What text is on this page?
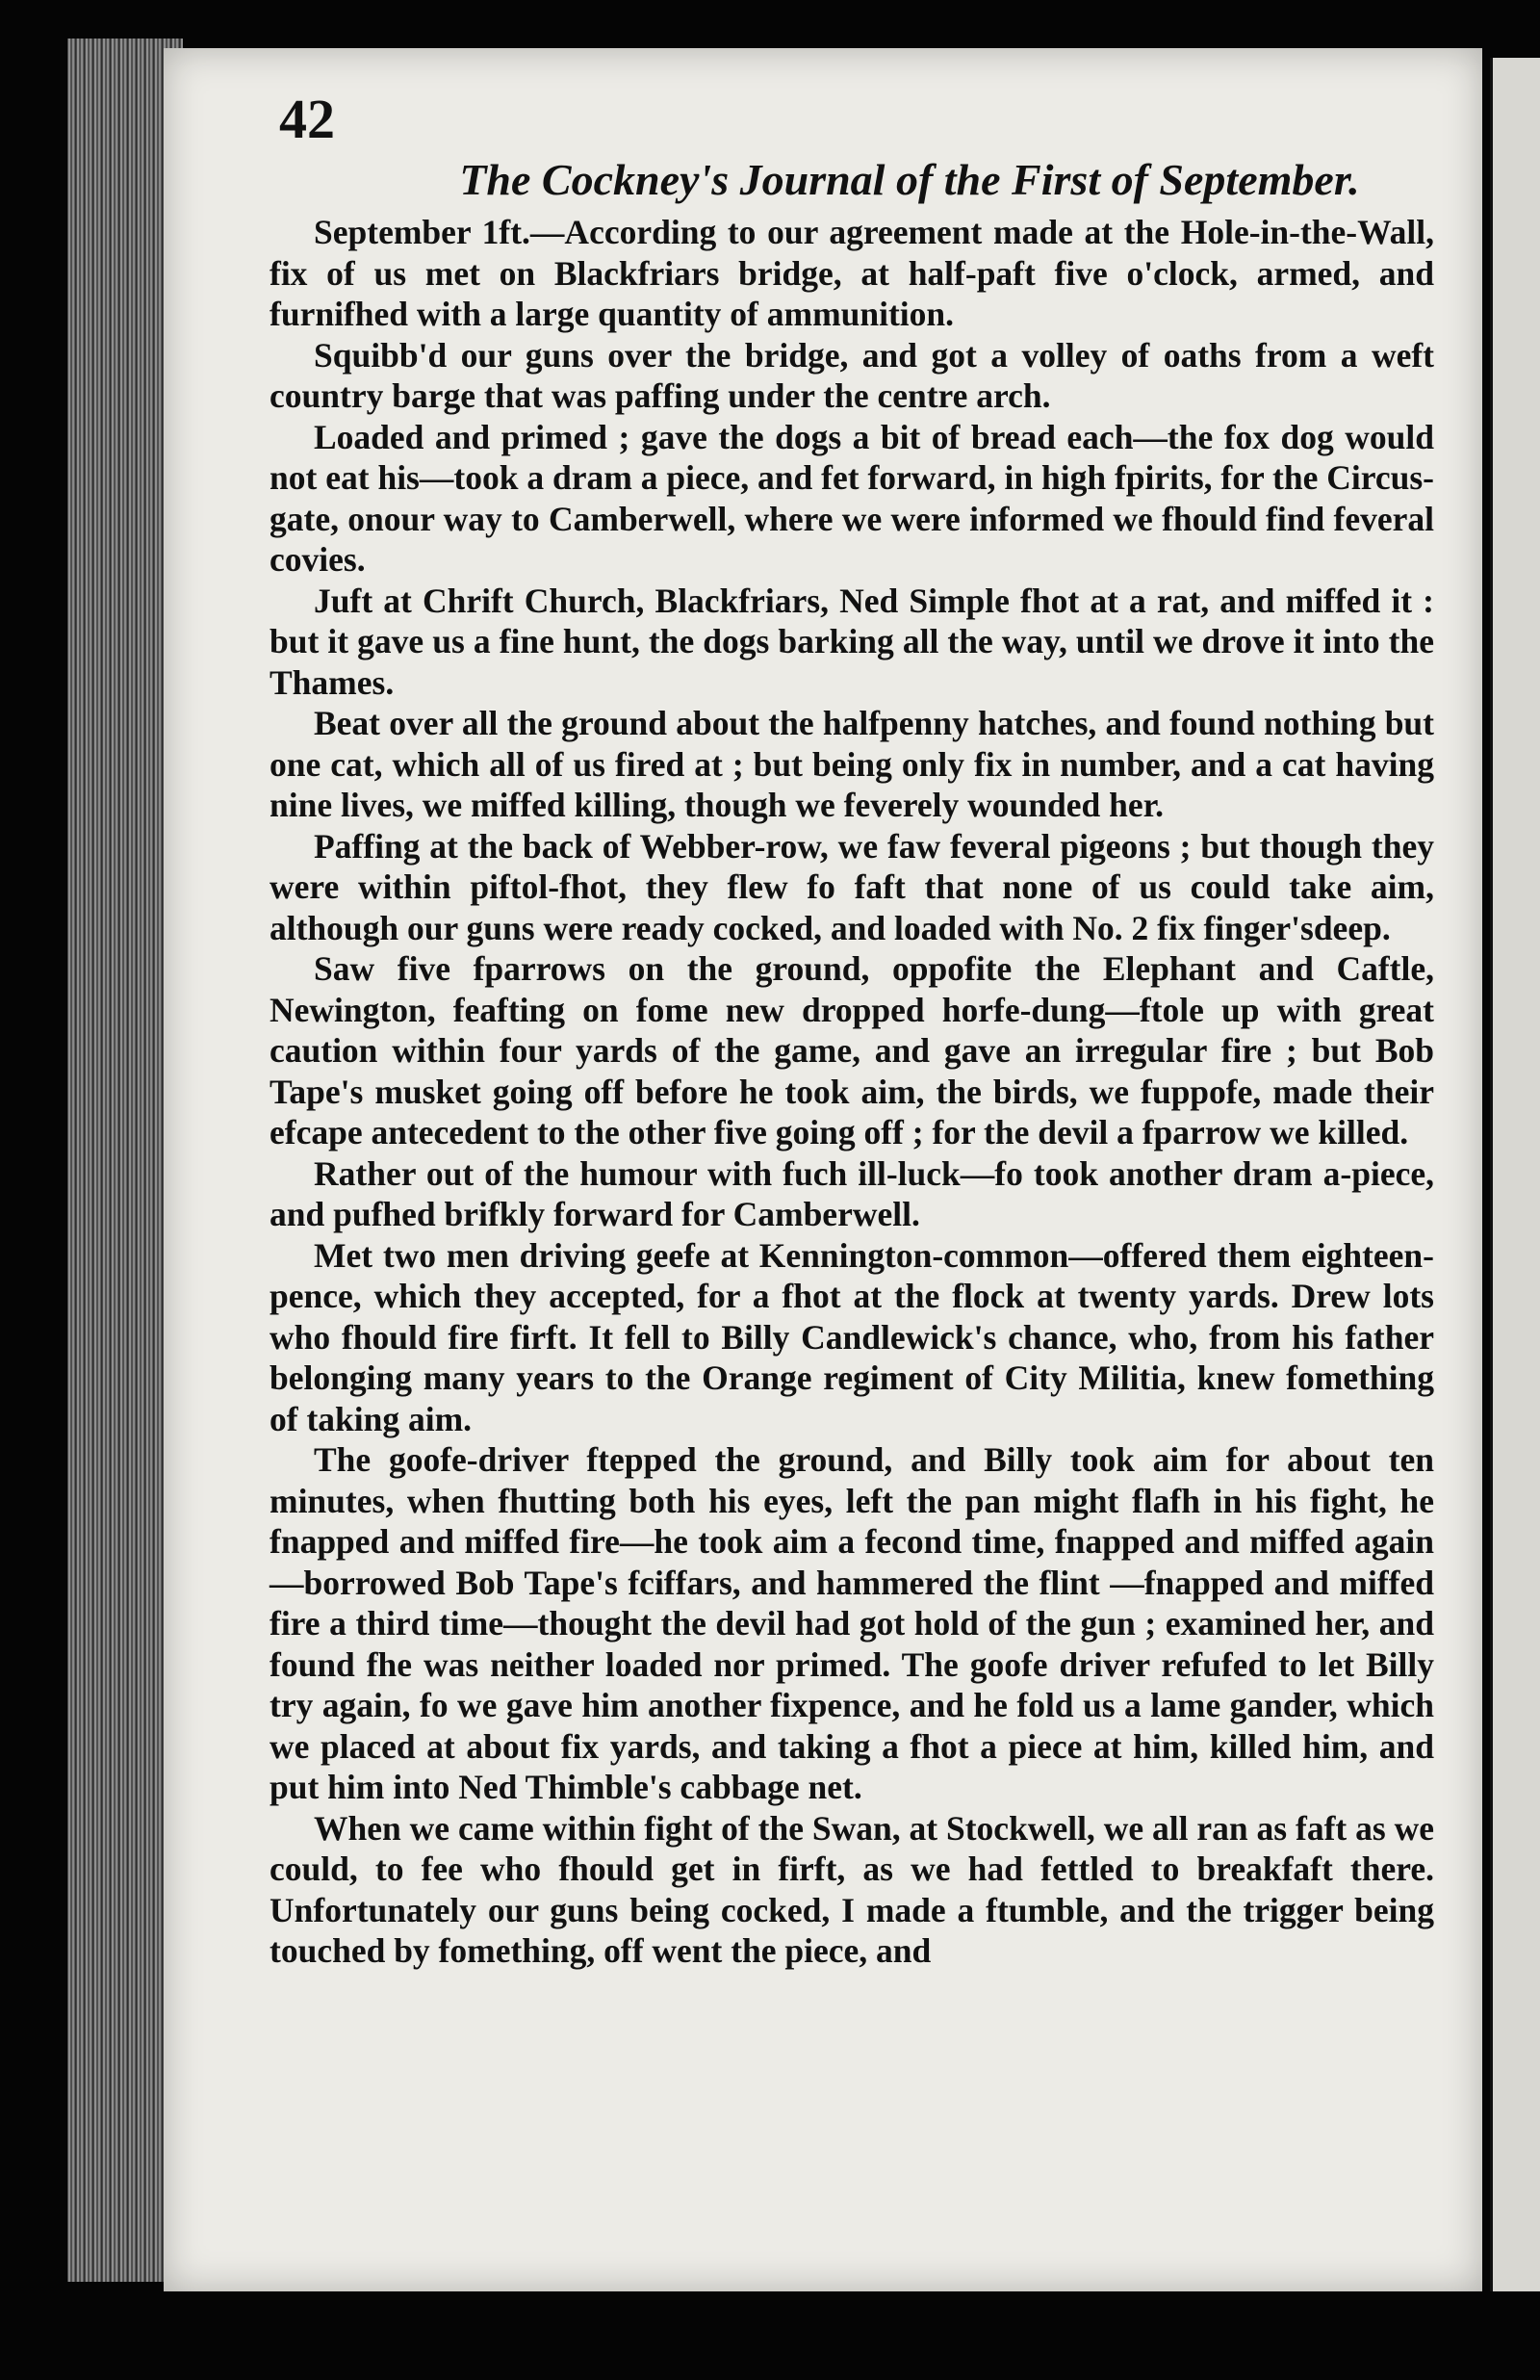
42
The Cockney's Journal of the First of September.

September 1ft.—According to our agreement made at the Hole-in-the-Wall, fix of us met on Blackfriars bridge, at half-paft five o'clock, armed, and furnifhed with a large quantity of ammunition.

Squibb'd our guns over the bridge, and got a volley of oaths from a weft country barge that was paffing under the centre arch.

Loaded and primed ; gave the dogs a bit of bread each—the fox dog would not eat his—took a dram a piece, and fet forward, in high fpirits, for the Circus-gate, onour way to Camberwell, where we were informed we fhould find feveral covies.

Juft at Chrift Church, Blackfriars, Ned Simple fhot at a rat, and miffed it : but it gave us a fine hunt, the dogs barking all the way, until we drove it into the Thames.

Beat over all the ground about the halfpenny hatches, and found nothing but one cat, which all of us fired at ; but being only fix in number, and a cat having nine lives, we miffed killing, though we feverely wounded her.

Paffing at the back of Webber-row, we faw feveral pigeons ; but though they were within piftol-fhot, they flew fo faft that none of us could take aim, although our guns were ready cocked, and loaded with No. 2 fix finger'sdeep.

Saw five fparrows on the ground, oppofite the Elephant and Caftle, Newington, feafting on fome new dropped horfe-dung—ftole up with great caution within four yards of the game, and gave an irregular fire ; but Bob Tape's musket going off before he took aim, the birds, we fuppofe, made their efcape antecedent to the other five going off ; for the devil a fparrow we killed.

Rather out of the humour with fuch ill-luck—fo took another dram a-piece, and pufhed brifkly forward for Camberwell.

Met two men driving geefe at Kennington-common—offered them eighteen-pence, which they accepted, for a fhot at the flock at twenty yards. Drew lots who fhould fire firft. It fell to Billy Candlewick's chance, who, from his father belonging many years to the Orange regiment of City Militia, knew fomething of taking aim.

The goofe-driver ftepped the ground, and Billy took aim for about ten minutes, when fhutting both his eyes, left the pan might flafh in his fight, he fnapped and miffed fire—he took aim a fecond time, fnapped and miffed again—borrowed Bob Tape's fciffars, and hammered the flint —fnapped and miffed fire a third time—thought the devil had got hold of the gun ; examined her, and found fhe was neither loaded nor primed. The goofe driver refufed to let Billy try again, fo we gave him another fixpence, and he fold us a lame gander, which we placed at about fix yards, and taking a fhot a piece at him, killed him, and put him into Ned Thimble's cabbage net.

When we came within fight of the Swan, at Stockwell, we all ran as faft as we could, to fee who fhould get in firft, as we had fettled to breakfaft there. Unfortunately our guns being cocked, I made a ftumble, and the trigger being touched by fomething, off went the piece, and
